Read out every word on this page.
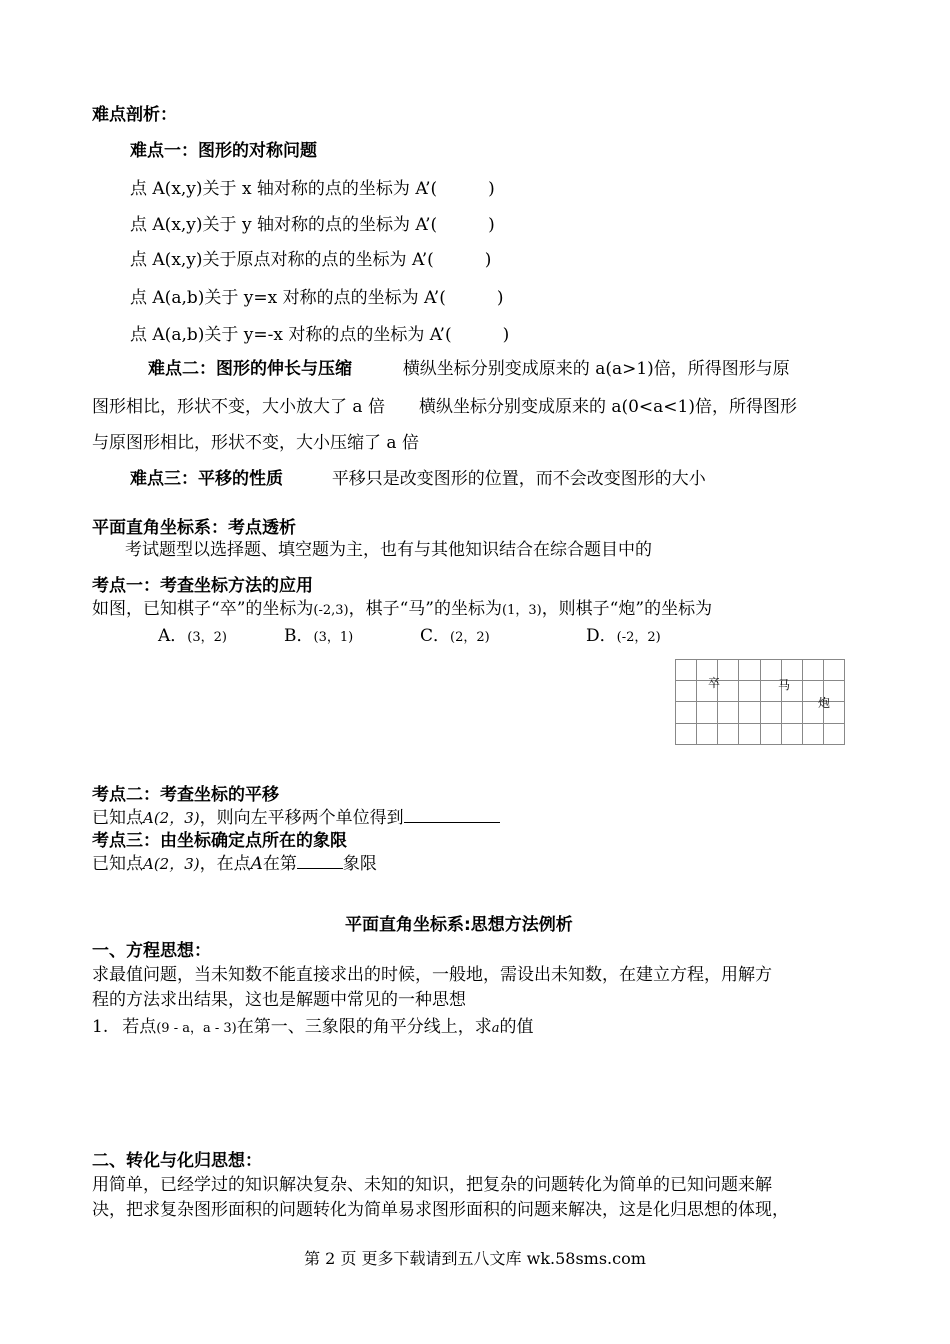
难点剖析：
难点一：图形的对称问题
点 A(x,y)关于 x 轴对称的点的坐标为 A’(　　　)
点 A(x,y)关于 y 轴对称的点的坐标为 A’(　　　)
点 A(x,y)关于原点对称的点的坐标为 A’(　　　)
点 A(a,b)关于 y=x 对称的点的坐标为 A’(　　　)
点 A(a,b)关于 y=-x 对称的点的坐标为 A’(　　　)
难点二：图形的伸长与压缩	横纵坐标分别变成原来的 a(a>1)倍，所得图形与原
图形相比，形状不变，大小放大了 a 倍　　横纵坐标分别变成原来的 a(0<a<1)倍，所得图形
与原图形相比，形状不变，大小压缩了 a 倍
难点三：平移的性质	平移只是改变图形的位置，而不会改变图形的大小
平面直角坐标系：考点透析
考试题型以选择题、填空题为主，也有与其他知识结合在综合题目中的
考点一：考查坐标方法的应用
如图，已知棋子“卒”的坐标为(-2,3)，棋子“马”的坐标为(1，3)，则棋子“炮”的坐标为
A．(3，2)	B．(3，1)	C．(2，2)	D．(-2，2)
卒	马
炮
考点二：考查坐标的平移
已知点A(2，3)，则向左平移两个单位得到
考点三：由坐标确定点所在的象限
已知点A(2，3)，在点A在第	象限
平面直角坐标系:思想方法例析
一、方程思想：
求最值问题，当未知数不能直接求出的时候，一般地，需设出未知数，在建立方程，用解方
程的方法求出结果，这也是解题中常见的一种思想
1. 若点(9 - a，a - 3)在第一、三象限的角平分线上，求a的值
二、转化与化归思想：
用简单，已经学过的知识解决复杂、未知的知识，把复杂的问题转化为简单的已知问题来解
决，把求复杂图形面积的问题转化为简单易求图形面积的问题来解决，这是化归思想的体现，
第 2 页 更多下载请到五八文库 wk.58sms.com
